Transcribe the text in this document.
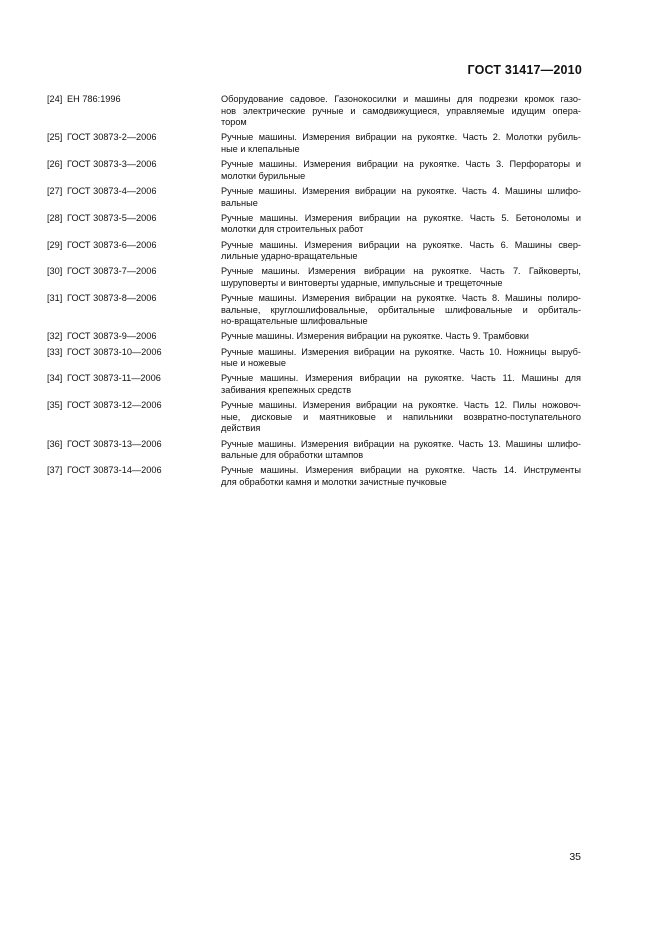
ГОСТ 31417—2010
[24] ЕН 786:1996	Оборудование садовое. Газонокосилки и машины для подрезки кромок газо-
нов электрические ручные и самодвижущиеся, управляемые идущим опера-
тором
[25] ГОСТ 30873-2—2006	Ручные машины. Измерения вибрации на рукоятке. Часть 2. Молотки рубиль-
ные и клепальные
[26] ГОСТ 30873-3—2006	Ручные машины. Измерения вибрации на рукоятке. Часть 3. Перфораторы и
молотки бурильные
[27] ГОСТ 30873-4—2006	Ручные машины. Измерения вибрации на рукоятке. Часть 4. Машины шлифо-
вальные
[28] ГОСТ 30873-5—2006	Ручные машины. Измерения вибрации на рукоятке. Часть 5. Бетоноломы и
молотки для строительных работ
[29] ГОСТ 30873-6—2006	Ручные машины. Измерения вибрации на рукоятке. Часть 6. Машины свер-
лильные ударно-вращательные
[30] ГОСТ 30873-7—2006	Ручные машины. Измерения вибрации на рукоятке. Часть 7. Гайковерты,
шуруповерты и винтоверты ударные, импульсные и трещеточные
[31] ГОСТ 30873-8—2006	Ручные машины. Измерения вибрации на рукоятке. Часть 8. Машины полиро-
вальные, круглошлифовальные, орбитальные шлифовальные и орбиталь-
но-вращательные шлифовальные
[32] ГОСТ 30873-9—2006	Ручные машины. Измерения вибрации на рукоятке. Часть 9. Трамбовки
[33] ГОСТ 30873-10—2006	Ручные машины. Измерения вибрации на рукоятке. Часть 10. Ножницы выруб-
ные и ножевые
[34] ГОСТ 30873-11—2006	Ручные машины. Измерения вибрации на рукоятке. Часть 11. Машины для
забивания крепежных средств
[35] ГОСТ 30873-12—2006	Ручные машины. Измерения вибрации на рукоятке. Часть 12. Пилы ножовоч-
ные, дисковые и маятниковые и напильники возвратно-поступательного
действия
[36] ГОСТ 30873-13—2006	Ручные машины. Измерения вибрации на рукоятке. Часть 13. Машины шлифо-
вальные для обработки штампов
[37] ГОСТ 30873-14—2006	Ручные машины. Измерения вибрации на рукоятке. Часть 14. Инструменты
для обработки камня и молотки зачистные пучковые
35
